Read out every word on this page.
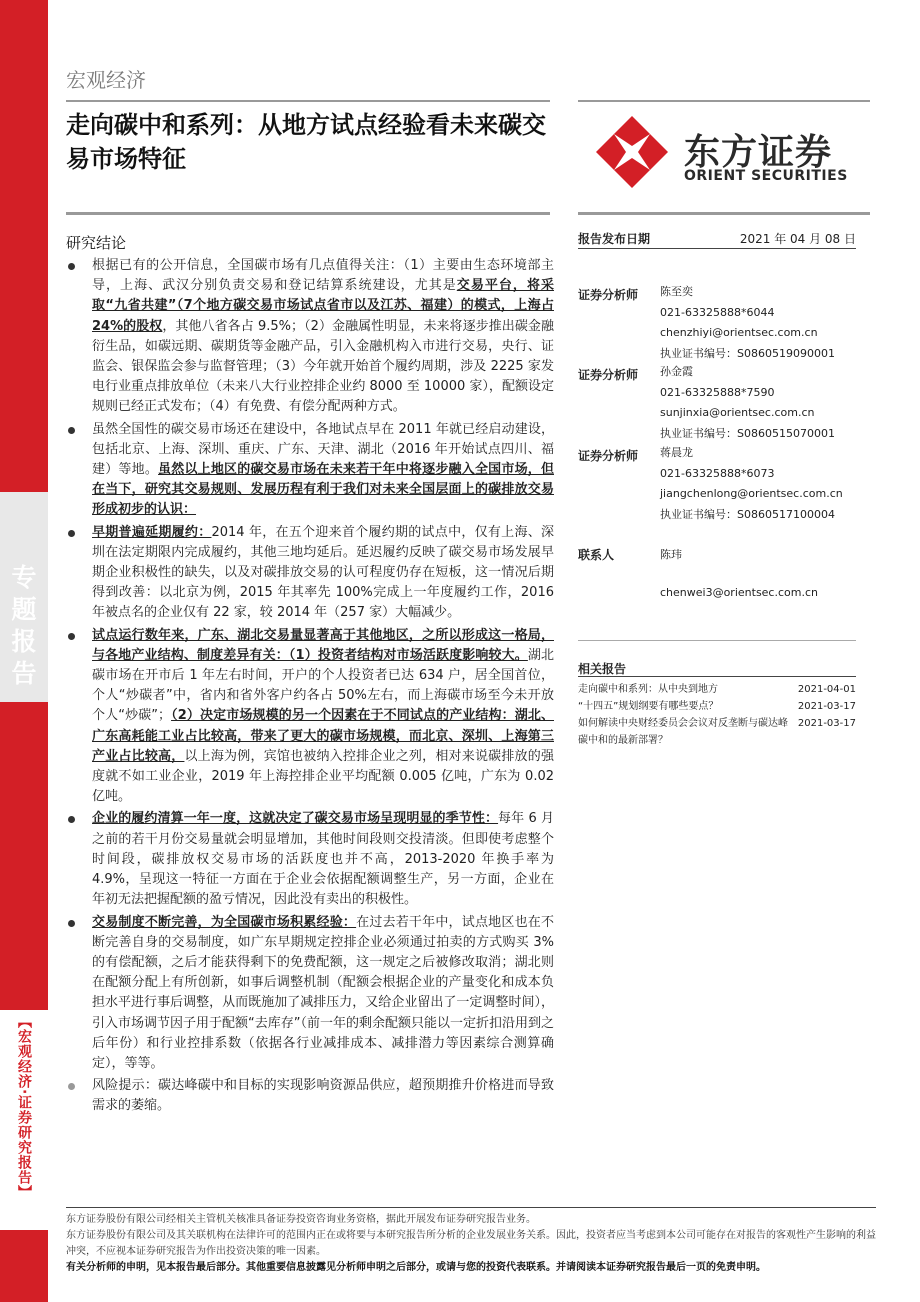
专题报告
【宏观经济·证券研究报告】
宏观经济
走向碳中和系列：从地方试点经验看未来碳交易市场特征	东方证券
ORIENT SECURITIES
研究结论
根据已有的公开信息，全国碳市场有几点值得关注：（1）主要由生态环境部主导，上海、武汉分别负责交易和登记结算系统建设，尤其是交易平台，将采取“九省共建”（7个地方碳交易市场试点省市以及江苏、福建）的模式，上海占24%的股权，其他八省各占 9.5%；（2）金融属性明显，未来将逐步推出碳金融衍生品，如碳远期、碳期货等金融产品，引入金融机构入市进行交易，央行、证监会、银保监会参与监督管理；（3）今年就开始首个履约周期，涉及 2225 家发电行业重点排放单位（未来八大行业控排企业约 8000 至 10000 家），配额设定规则已经正式发布；（4）有免费、有偿分配两种方式。
虽然全国性的碳交易市场还在建设中，各地试点早在 2011 年就已经启动建设，包括北京、上海、深圳、重庆、广东、天津、湖北（2016 年开始试点四川、福建）等地。虽然以上地区的碳交易市场在未来若干年中将逐步融入全国市场，但在当下，研究其交易规则、发展历程有利于我们对未来全国层面上的碳排放交易形成初步的认识：
早期普遍延期履约：2014 年，在五个迎来首个履约期的试点中，仅有上海、深圳在法定期限内完成履约，其他三地均延后。延迟履约反映了碳交易市场发展早期企业积极性的缺失，以及对碳排放交易的认可程度仍存在短板，这一情况后期得到改善：以北京为例，2015 年其率先 100%完成上一年度履约工作，2016 年被点名的企业仅有 22 家，较 2014 年（257 家）大幅减少。
试点运行数年来，广东、湖北交易量显著高于其他地区，之所以形成这一格局，与各地产业结构、制度差异有关：（1）投资者结构对市场活跃度影响较大。湖北碳市场在开市后 1 年左右时间，开户的个人投资者已达 634 户，居全国首位，个人“炒碳者”中，省内和省外客户约各占 50%左右，而上海碳市场至今未开放个人“炒碳”；（2）决定市场规模的另一个因素在于不同试点的产业结构：湖北、广东高耗能工业占比较高，带来了更大的碳市场规模，而北京、深圳、上海第三产业占比较高，以上海为例，宾馆也被纳入控排企业之列，相对来说碳排放的强度就不如工业企业，2019 年上海控排企业平均配额 0.005 亿吨，广东为 0.02 亿吨。
企业的履约清算一年一度，这就决定了碳交易市场呈现明显的季节性：每年 6 月之前的若干月份交易量就会明显增加，其他时间段则交投清淡。但即使考虑整个时间段，碳排放权交易市场的活跃度也并不高，2013-2020 年换手率为 4.9%，呈现这一特征一方面在于企业会依据配额调整生产，另一方面，企业在年初无法把握配额的盈亏情况，因此没有卖出的积极性。
交易制度不断完善，为全国碳市场积累经验：在过去若干年中，试点地区也在不断完善自身的交易制度，如广东早期规定控排企业必须通过拍卖的方式购买 3%的有偿配额，之后才能获得剩下的免费配额，这一规定之后被修改取消；湖北则在配额分配上有所创新，如事后调整机制（配额会根据企业的产量变化和成本负担水平进行事后调整，从而既施加了减排压力，又给企业留出了一定调整时间），引入市场调节因子用于配额“去库存”（前一年的剩余配额只能以一定折扣沿用到之后年份）和行业控排系数（依据各行业减排成本、减排潜力等因素综合测算确定），等等。
风险提示：碳达峰碳中和目标的实现影响资源品供应，超预期推升价格进而导致需求的萎缩。
报告发布日期	2021 年 04 月 08 日
证券分析师 陈至奕
021-63325888*6044
chenzhiyi@orientsec.com.cn
执业证书编号：S0860519090001
证券分析师 孙金霞
021-63325888*7590
sunjinxia@orientsec.com.cn
执业证书编号：S0860515070001
证券分析师 蒋晨龙
021-63325888*6073
jiangchenlong@orientsec.com.cn
执业证书编号：S0860517100004
联系人	陈玮
chenwei3@orientsec.com.cn
相关报告
走向碳中和系列：从中央到地方	2021-04-01
“十四五”规划纲要有哪些要点？	2021-03-17
如何解读中央财经委员会会议对反垄断与碳达峰碳中和的最新部署？
2021-03-17
东方证券股份有限公司经相关主管机关核准具备证券投资咨询业务资格，据此开展发布证券研究报告业务。
东方证券股份有限公司及其关联机构在法律许可的范围内正在或将要与本研究报告所分析的企业发展业务关系。因此，投资者应当考虑到本公司可能存在对报告的客观性产生影响的利益冲突，不应视本证券研究报告为作出投资决策的唯一因素。
有关分析师的申明，见本报告最后部分。其他重要信息披露见分析师申明之后部分，或请与您的投资代表联系。并请阅读本证券研究报告最后一页的免责申明。
